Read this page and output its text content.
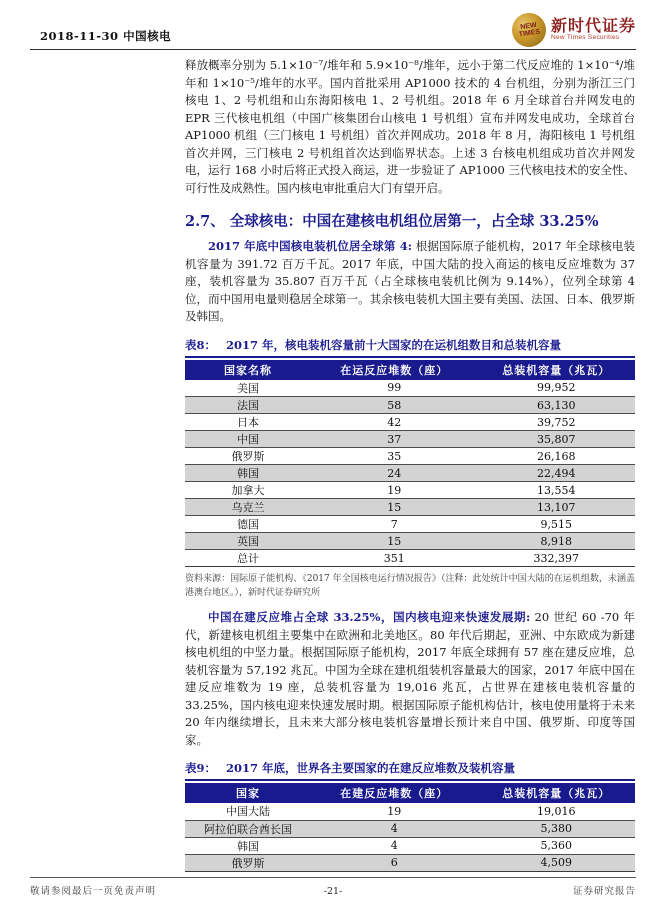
2018-11-30 中国核电
NEW TIMES 新时代证券
New Times Securities

释放概率分别为 5.1×10⁻⁷/堆年和 5.9×10⁻⁸/堆年，远小于第二代反应堆的 1×10⁻⁴/堆年和 1×10⁻⁵/堆年的水平。国内首批采用 AP1000 技术的 4 台机组，分别为浙江三门核电 1、2 号机组和山东海阳核电 1、2 号机组。2018 年 6 月全球首台并网发电的 EPR 三代核电机组（中国广核集团台山核电 1 号机组）宣布并网发电成功，全球首台 AP1000 机组（三门核电 1 号机组）首次并网成功。2018 年 8 月，海阳核电 1 号机组首次并网，三门核电 2 号机组首次达到临界状态。上述 3 台核电机组成功首次并网发电，运行 168 小时后将正式投入商运，进一步验证了 AP1000 三代核电技术的安全性、可行性及成熟性。国内核电审批重启大门有望开启。

2.7、 全球核电：中国在建核电机组位居第一，占全球 33.25%

2017 年底中国核电装机位居全球第 4: 根据国际原子能机构，2017 年全球核电装机容量为 391.72 百万千瓦。2017 年底，中国大陆的投入商运的核电反应堆数为 37 座，装机容量为 35.807 百万千瓦（占全球核电装机比例为 9.14%），位列全球第 4 位，而中国用电量则稳居全球第一。其余核电装机大国主要有美国、法国、日本、俄罗斯及韩国。

表8： 2017 年，核电装机容量前十大国家的在运机组数目和总装机容量
国家名称	在运反应堆数（座）	总装机容量（兆瓦）
美国	99	99,952
法国	58	63,130
日本	42	39,752
中国	37	35,807
俄罗斯	35	26,168
韩国	24	22,494
加拿大	19	13,554
乌克兰	15	13,107
德国	7	9,515
英国	15	8,918
总计	351	332,397
资料来源：国际原子能机构、《2017 年全国核电运行情况报告》（注释：此处统计中国大陆的在运机组数，未涵盖港澳台地区。），新时代证券研究所

中国在建反应堆占全球 33.25%，国内核电迎来快速发展期: 20 世纪 60 -70 年代，新建核电机组主要集中在欧洲和北美地区。80 年代后期起，亚洲、中东欧成为新建核电机组的中坚力量。根据国际原子能机构，2017 年底全球拥有 57 座在建反应堆，总装机容量为 57,192 兆瓦。中国为全球在建机组装机容量最大的国家，2017 年底中国在建反应堆数为 19 座，总装机容量为 19,016 兆瓦，占世界在建核电装机容量的 33.25%，国内核电迎来快速发展时期。根据国际原子能机构估计，核电使用量将于未来 20 年内继续增长，且未来大部分核电装机容量增长预计来自中国、俄罗斯、印度等国家。

表9： 2017 年底，世界各主要国家的在建反应堆数及装机容量
国家	在建反应堆数（座）	总装机容量（兆瓦）
中国大陆	19	19,016
阿拉伯联合酋长国	4	5,380
韩国	4	5,360
俄罗斯	6	4,509
敬请参阅最后一页免责声明	-21-	证券研究报告
